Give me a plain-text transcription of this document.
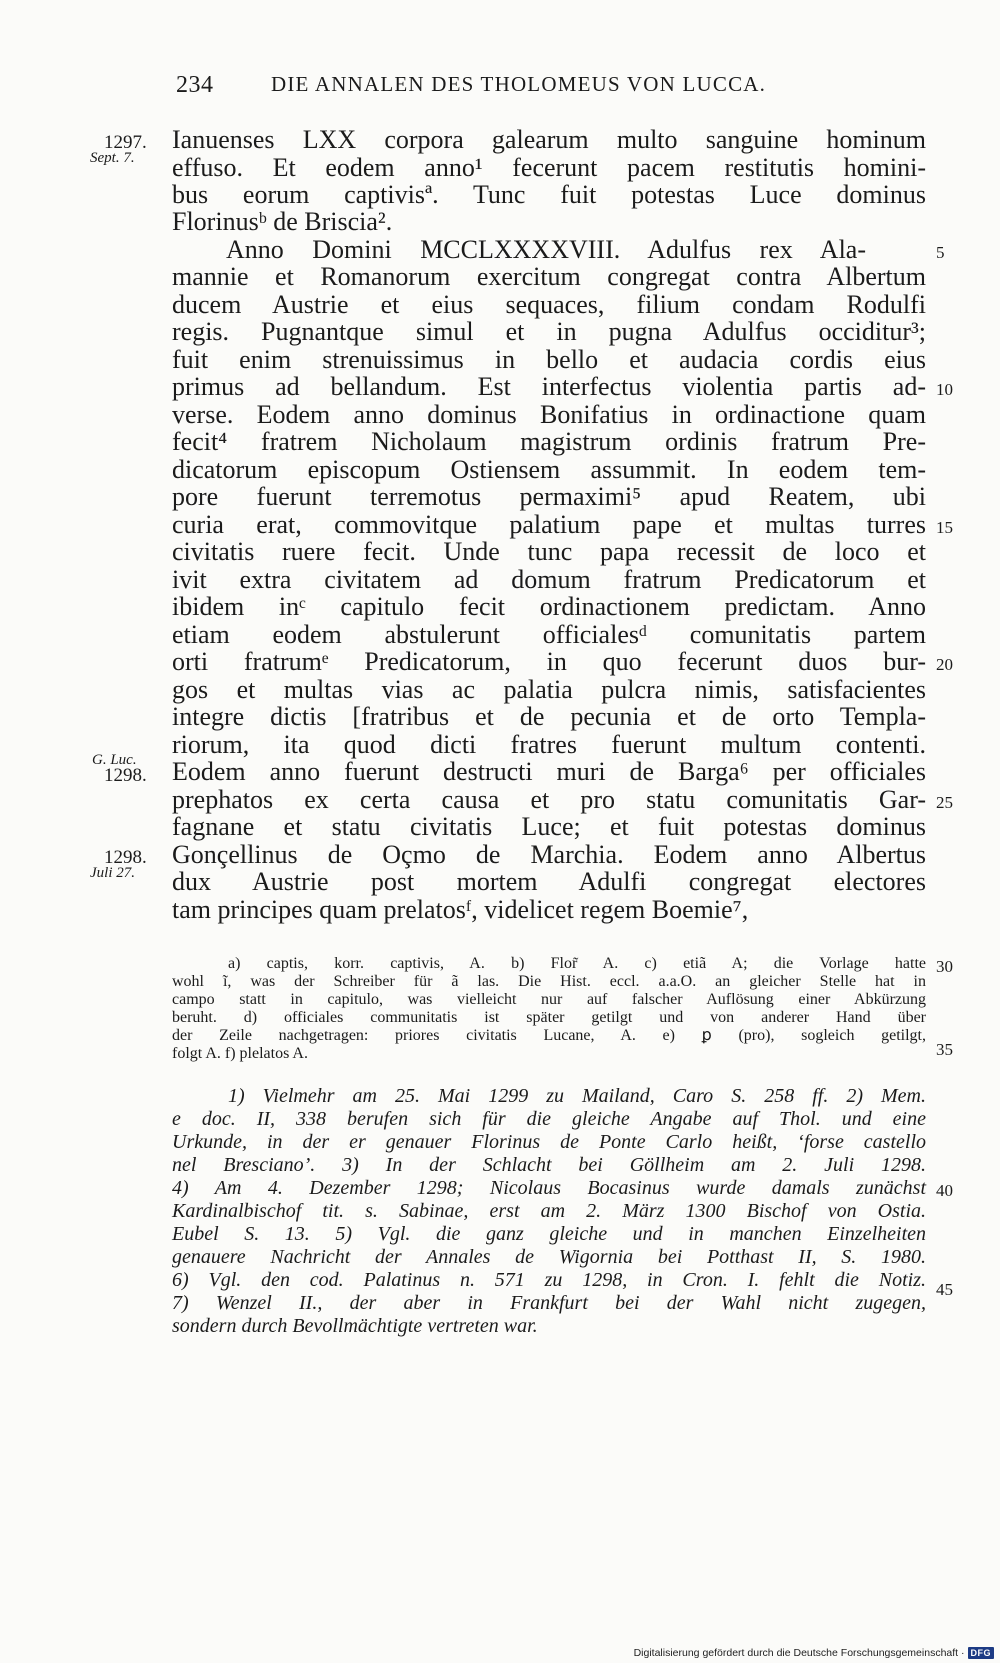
234	DIE ANNALEN DES THOLOMEUS VON LUCCA.
Ianuenses LXX corpora galearum multo sanguine hominum
effuso. Et eodem anno¹ fecerunt pacem restitutis homini-
bus eorum captivisª. Tunc fuit potestas Luce dominus
Florinusᵇ de Briscia².
Anno Domini MCCLXXXXVIII. Adulfus rex Ala-
mannie et Romanorum exercitum congregat contra Albertum
ducem Austrie et eius sequaces, filium condam Rodulfi
regis. Pugnantque simul et in pugna Adulfus occiditur³;
fuit enim strenuissimus in bello et audacia cordis eius
primus ad bellandum. Est interfectus violentia partis ad-
verse. Eodem anno dominus Bonifatius in ordinactione quam
fecit⁴ fratrem Nicholaum magistrum ordinis fratrum Pre-
dicatorum episcopum Ostiensem assummit. In eodem tem-
pore fuerunt terremotus permaximi⁵ apud Reatem, ubi
curia erat, commovitque palatium pape et multas turres
civitatis ruere fecit. Unde tunc papa recessit de loco et
ivit extra civitatem ad domum fratrum Predicatorum et
ibidem inᶜ capitulo fecit ordinactionem predictam. Anno
etiam eodem abstulerunt officialesᵈ comunitatis partem
orti fratrumᵉ Predicatorum, in quo fecerunt duos bur-
gos et multas vias ac palatia pulcra nimis, satisfacientes
integre dictis [fratribus et de pecunia et de orto Templa-
riorum, ita quod dicti fratres fuerunt multum contenti.
Eodem anno fuerunt destructi muri de Barga⁶ per officiales
prephatos ex certa causa et pro statu comunitatis Gar-
fagnane et statu civitatis Luce; et fuit potestas dominus
Gonçellinus de Oçmo de Marchia. Eodem anno Albertus
dux Austrie post mortem Adulfi congregat electores
tam principes quam prelatosᶠ, videlicet regem Boemie⁷,
1297.
Sept. 7.
G. Luc.
1298.
1298.
Juli 27.
5
10
15
20
25
30
35
40
45
a) captis, korr. captivis, A. b) Flor̃ A. c) etiã A; die Vorlage hatte
wohl ĩ, was der Schreiber für ã las. Die Hist. eccl. a.a.O. an gleicher Stelle hat in
campo statt in capitulo, was vielleicht nur auf falscher Auflösung einer Abkürzung
beruht. d) officiales communitatis ist später getilgt und von anderer Hand über
der Zeile nachgetragen: priores civitatis Lucane, A. e) ꝑ (pro), sogleich getilgt,
folgt A. f) plelatos A.
1) Vielmehr am 25. Mai 1299 zu Mailand, Caro S. 258 ff. 2) Mem.
e doc. II, 338 berufen sich für die gleiche Angabe auf Thol. und eine
Urkunde, in der er genauer Florinus de Ponte Carlo heißt, ‘forse castello
nel Bresciano’. 3) In der Schlacht bei Göllheim am 2. Juli 1298.
4) Am 4. Dezember 1298; Nicolaus Bocasinus wurde damals zunächst
Kardinalbischof tit. s. Sabinae, erst am 2. März 1300 Bischof von Ostia.
Eubel S. 13. 5) Vgl. die ganz gleiche und in manchen Einzelheiten
genauere Nachricht der Annales de Wigornia bei Potthast II, S. 1980.
6) Vgl. den cod. Palatinus n. 571 zu 1298, in Cron. I. fehlt die Notiz.
7) Wenzel II., der aber in Frankfurt bei der Wahl nicht zugegen,
sondern durch Bevollmächtigte vertreten war.
Digitalisierung gefördert durch die Deutsche Forschungsgemeinschaft · DFG
